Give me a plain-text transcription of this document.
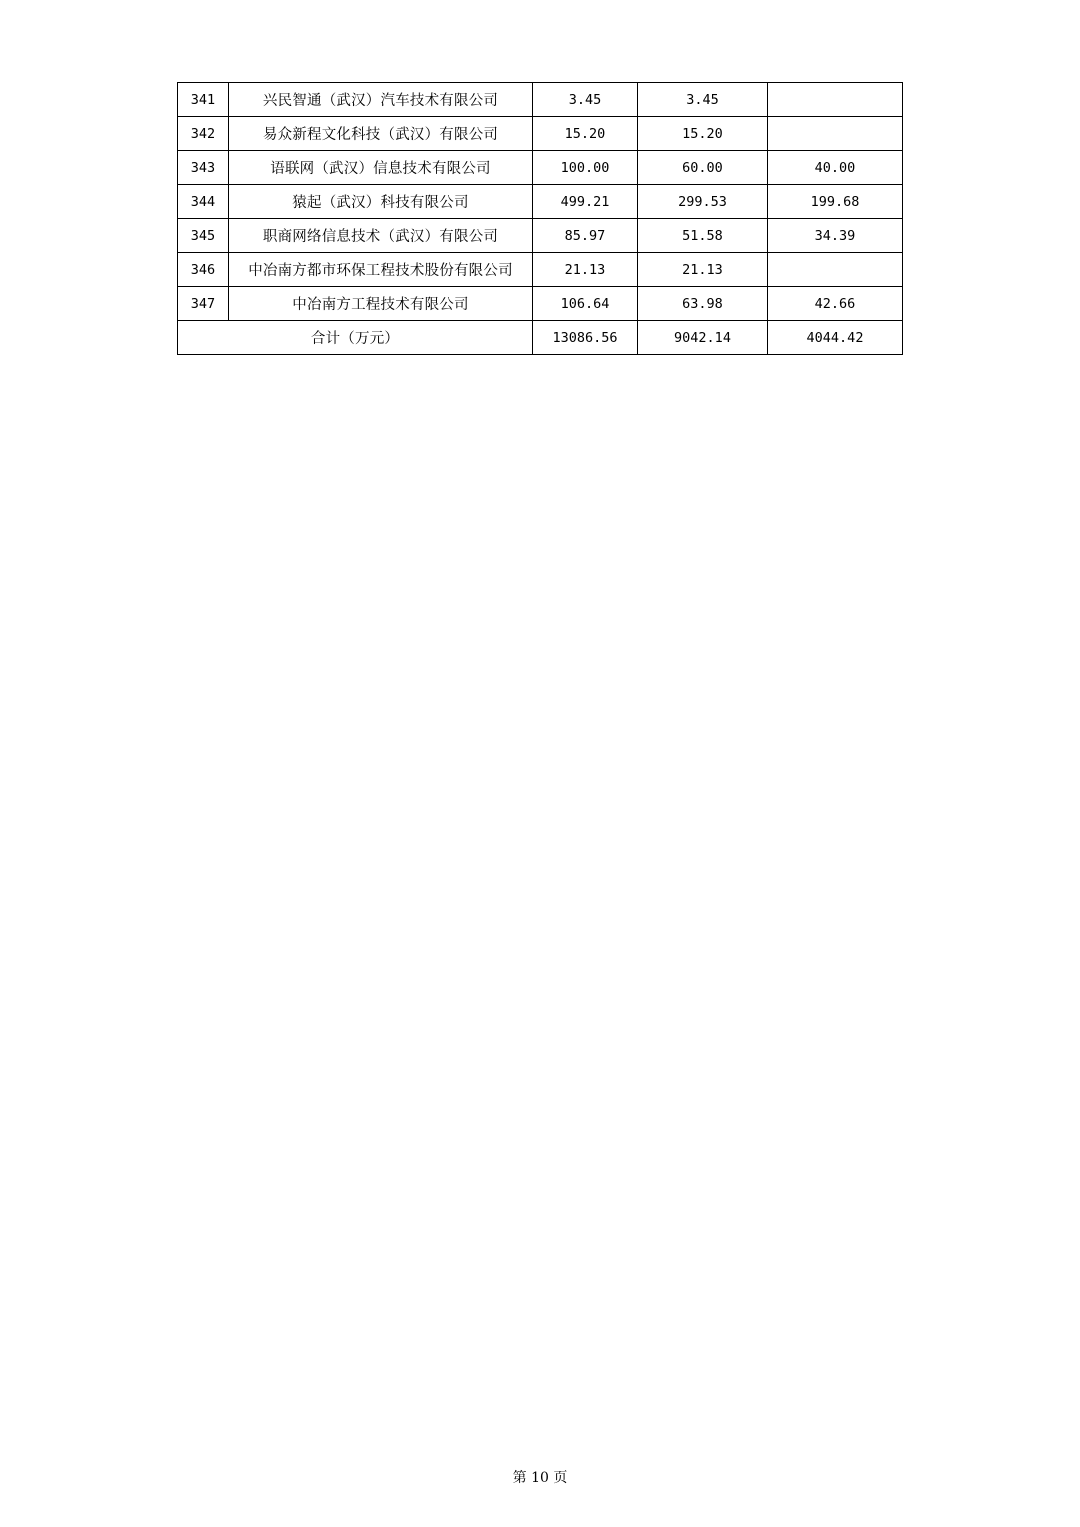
341	兴民智通（武汉）汽车技术有限公司	3.45	3.45	
342	易众新程文化科技（武汉）有限公司	15.20	15.20	
343	语联网（武汉）信息技术有限公司	100.00	60.00	40.00
344	猿起（武汉）科技有限公司	499.21	299.53	199.68
345	职商网络信息技术（武汉）有限公司	85.97	51.58	34.39
346	中冶南方都市环保工程技术股份有限公司	21.13	21.13	
347	中冶南方工程技术有限公司	106.64	63.98	42.66
合计（万元）		13086.56	9042.14	4044.42
第 10 页
